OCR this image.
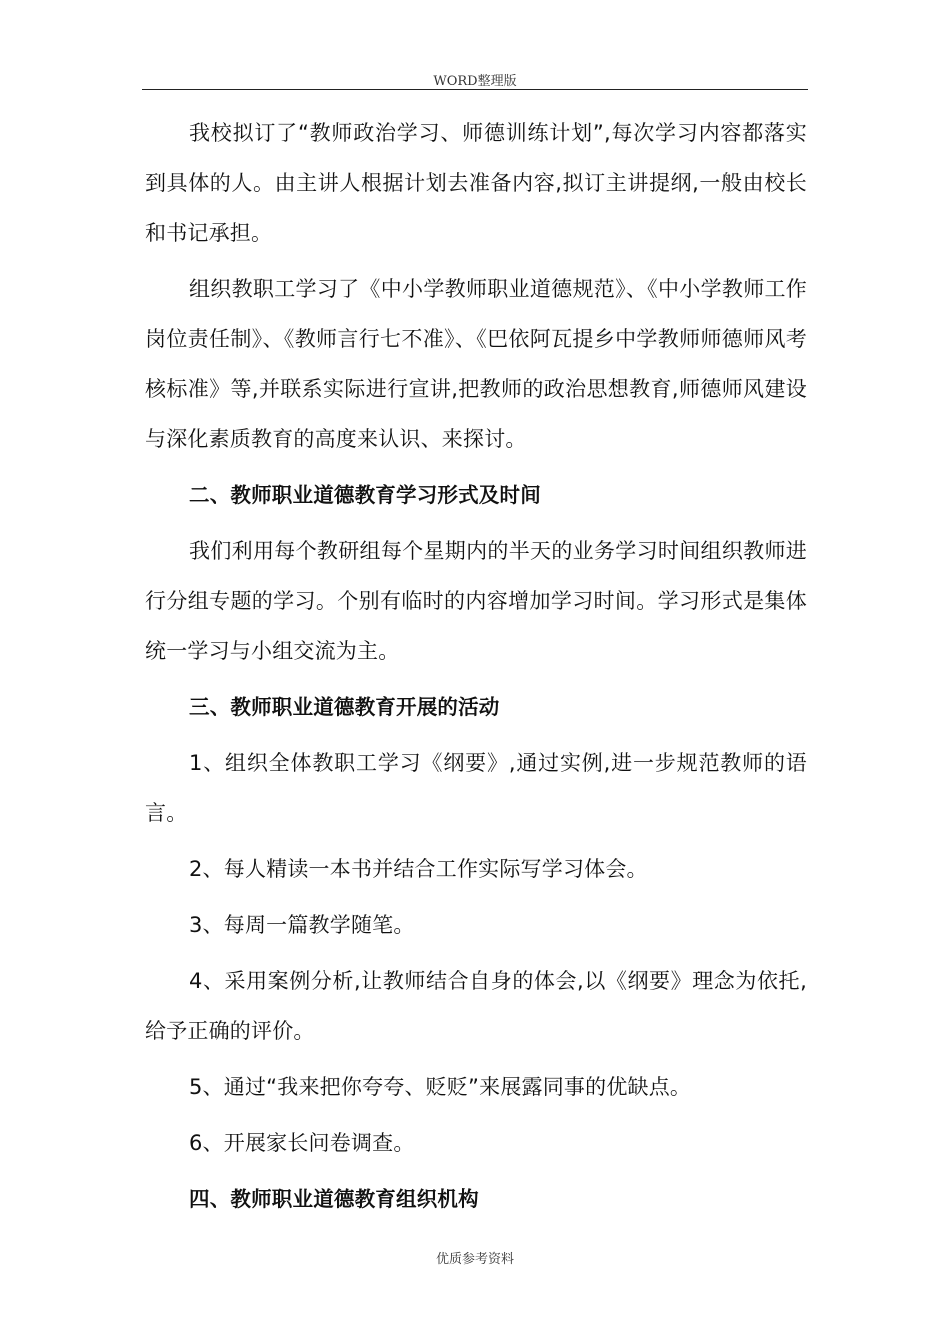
WORD整理版

我校拟订了“教师政治学习、师德训练计划”,每次学习内容都落实到具体的人。由主讲人根据计划去准备内容,拟订主讲提纲,一般由校长和书记承担。

组织教职工学习了《中小学教师职业道德规范》、《中小学教师工作岗位责任制》、《教师言行七不准》、《巴依阿瓦提乡中学教师师德师风考核标准》等,并联系实际进行宣讲,把教师的政治思想教育,师德师风建设与深化素质教育的高度来认识、来探讨。

二、教师职业道德教育学习形式及时间

我们利用每个教研组每个星期内的半天的业务学习时间组织教师进行分组专题的学习。个别有临时的内容增加学习时间。学习形式是集体统一学习与小组交流为主。

三、教师职业道德教育开展的活动

1、组织全体教职工学习《纲要》,通过实例,进一步规范教师的语言。

2、每人精读一本书并结合工作实际写学习体会。

3、每周一篇教学随笔。

4、采用案例分析,让教师结合自身的体会,以《纲要》理念为依托,给予正确的评价。

5、通过“我来把你夸夸、贬贬”来展露同事的优缺点。

6、开展家长问卷调查。

四、教师职业道德教育组织机构

优质参考资料
